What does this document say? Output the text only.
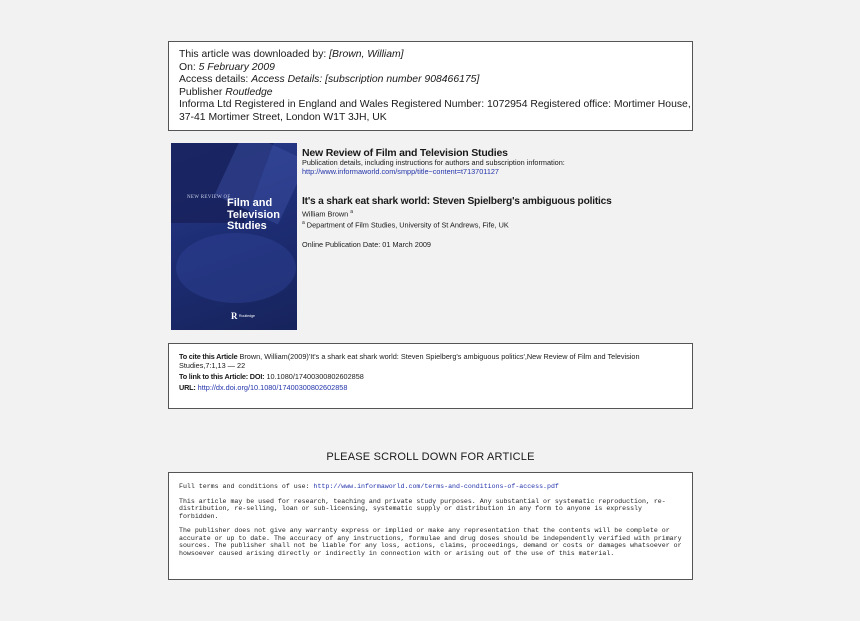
This article was downloaded by: [Brown, William]
On: 5 February 2009
Access details: Access Details: [subscription number 908466175]
Publisher Routledge
Informa Ltd Registered in England and Wales Registered Number: 1072954 Registered office: Mortimer House,
37-41 Mortimer Street, London W1T 3JH, UK
NEW REVIEW OF
Film and
Television
Studies
R Routledge
New Review of Film and Television Studies
Publication details, including instructions for authors and subscription information:
http://www.informaworld.com/smpp/title~content=t713701127
It's a shark eat shark world: Steven Spielberg's ambiguous politics
William Brown $^a$
$^a$ Department of Film Studies, University of St Andrews, Fife, UK
Online Publication Date: 01 March 2009
To cite this Article Brown, William(2009)'It's a shark eat shark world: Steven Spielberg's ambiguous politics',New Review of Film and Television Studies,7:1,13 — 22
To link to this Article: DOI: 10.1080/17400300802602858
URL: http://dx.doi.org/10.1080/17400300802602858
PLEASE SCROLL DOWN FOR ARTICLE

Full terms and conditions of use: http://www.informaworld.com/terms-and-conditions-of-access.pdf

This article may be used for research, teaching and private study purposes. Any substantial or systematic reproduction, re-distribution, re-selling, loan or sub-licensing, systematic supply or distribution in any form to anyone is expressly forbidden.

The publisher does not give any warranty express or implied or make any representation that the contents will be complete or accurate or up to date. The accuracy of any instructions, formulae and drug doses should be independently verified with primary sources. The publisher shall not be liable for any loss, actions, claims, proceedings, demand or costs or damages whatsoever or howsoever caused arising directly or indirectly in connection with or arising out of the use of this material.
